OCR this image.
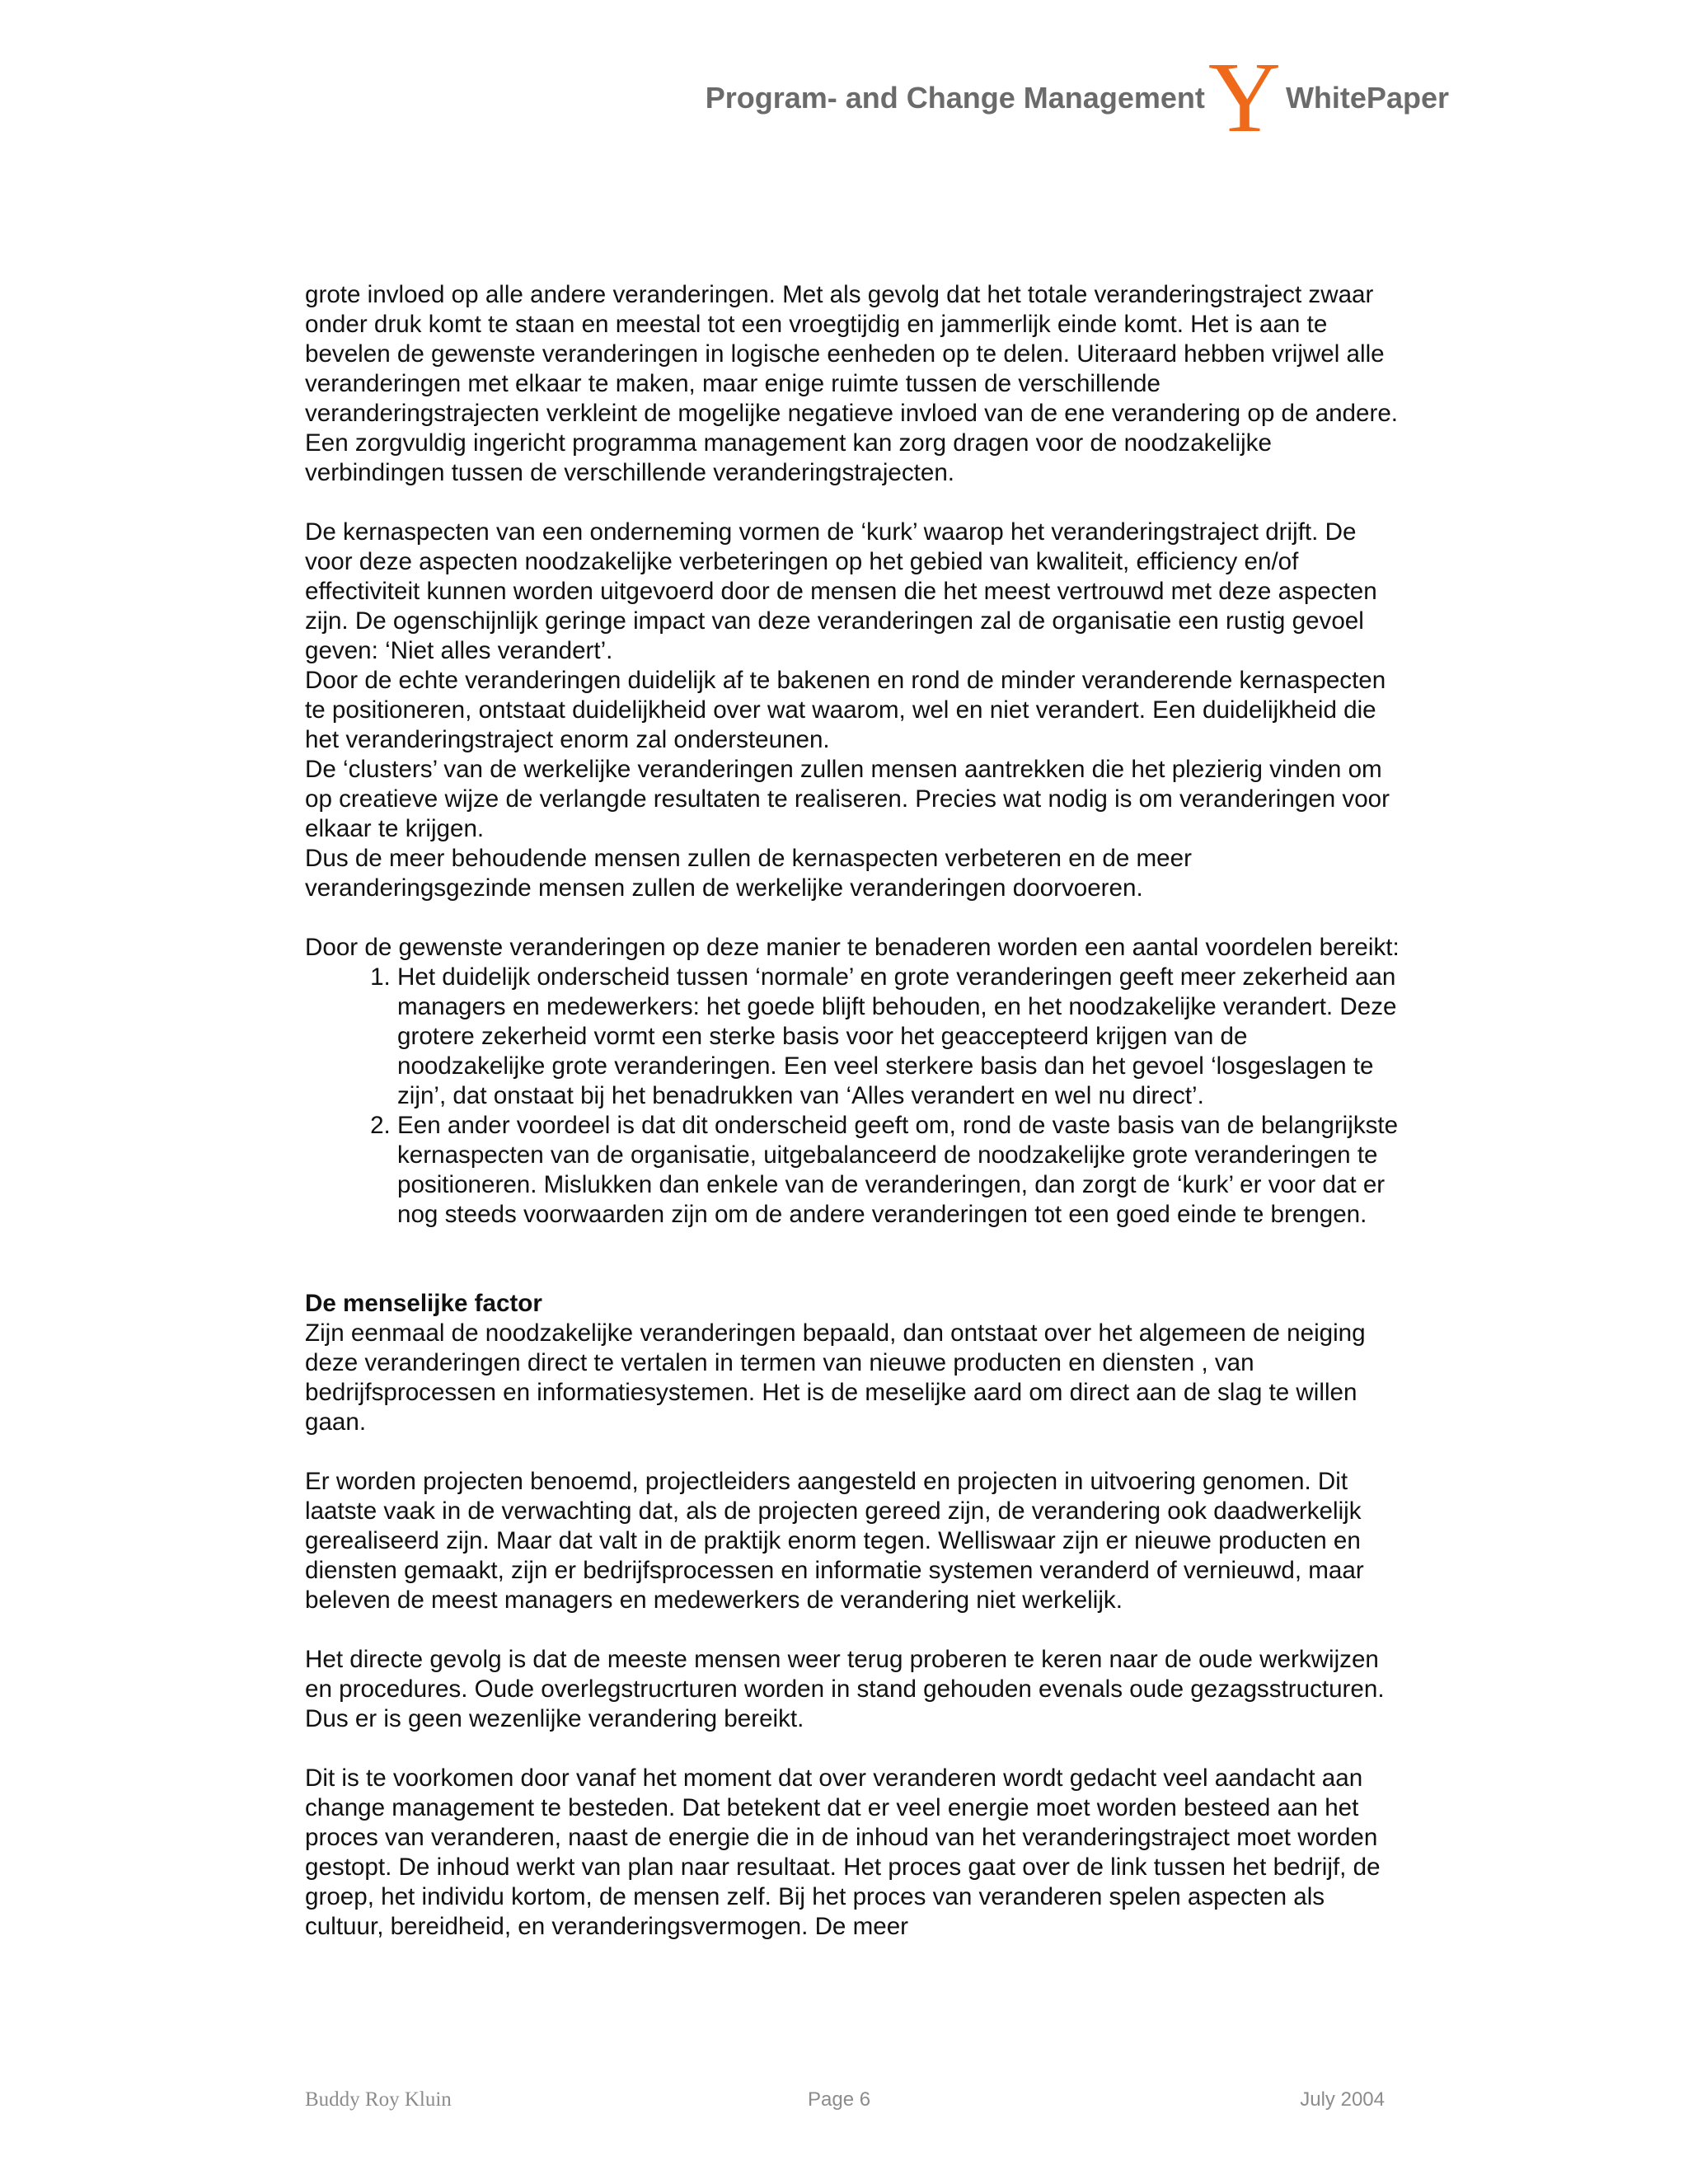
Program- and Change Management Y WhitePaper

grote invloed op alle andere veranderingen. Met als gevolg dat het totale veranderingstraject zwaar onder druk komt te staan en meestal tot een vroegtijdig en jammerlijk einde komt. Het is aan te bevelen de gewenste veranderingen in logische eenheden op te delen. Uiteraard hebben vrijwel alle veranderingen met elkaar te maken, maar enige ruimte tussen de verschillende veranderingstrajecten verkleint de mogelijke negatieve invloed van de ene verandering op de andere. Een zorgvuldig ingericht programma management kan zorg dragen voor de noodzakelijke verbindingen tussen de verschillende veranderingstrajecten.

De kernaspecten van een onderneming vormen de ‘kurk’ waarop het veranderingstraject drijft. De voor deze aspecten noodzakelijke verbeteringen op het gebied van kwaliteit, efficiency en/of effectiviteit kunnen worden uitgevoerd door de mensen die het meest vertrouwd met deze aspecten zijn. De ogenschijnlijk geringe impact van deze veranderingen zal de organisatie een rustig gevoel geven: ‘Niet alles verandert’.

Door de echte veranderingen duidelijk af te bakenen en rond de minder veranderende kernaspecten te positioneren, ontstaat duidelijkheid over wat waarom, wel en niet verandert. Een duidelijkheid die het veranderingstraject enorm zal ondersteunen.

De ‘clusters’ van de werkelijke veranderingen zullen mensen aantrekken die het plezierig vinden om op creatieve wijze de verlangde resultaten te realiseren. Precies wat nodig is om veranderingen voor elkaar te krijgen.

Dus de meer behoudende mensen zullen de kernaspecten verbeteren en de meer veranderingsgezinde mensen zullen de werkelijke veranderingen doorvoeren.

Door de gewenste veranderingen op deze manier te benaderen worden een aantal voordelen bereikt:

1. Het duidelijk onderscheid tussen ‘normale’ en grote veranderingen geeft meer zekerheid aan managers en medewerkers: het goede blijft behouden, en het noodzakelijke verandert. Deze grotere zekerheid vormt een sterke basis voor het geaccepteerd krijgen van de noodzakelijke grote veranderingen. Een veel sterkere basis dan het gevoel ‘losgeslagen te zijn’, dat onstaat bij het benadrukken van ‘Alles verandert en wel nu direct’.
2. Een ander voordeel is dat dit onderscheid geeft om, rond de vaste basis van de belangrijkste kernaspecten van de organisatie, uitgebalanceerd de noodzakelijke grote veranderingen te positioneren. Mislukken dan enkele van de veranderingen, dan zorgt de ‘kurk’ er voor dat er nog steeds voorwaarden zijn om de andere veranderingen tot een goed einde te brengen.
De menselijke factor

Zijn eenmaal de noodzakelijke veranderingen bepaald, dan ontstaat over het algemeen de neiging deze veranderingen direct te vertalen in termen van nieuwe producten en diensten , van bedrijfsprocessen en informatiesystemen. Het is de meselijke aard om direct aan de slag te willen gaan.

Er worden projecten benoemd, projectleiders aangesteld en projecten in uitvoering genomen. Dit laatste vaak in de verwachting dat, als de projecten gereed zijn, de verandering ook daadwerkelijk gerealiseerd zijn. Maar dat valt in de praktijk enorm tegen. Welliswaar zijn er nieuwe producten en diensten gemaakt, zijn er bedrijfsprocessen en informatie systemen veranderd of vernieuwd, maar beleven de meest managers en medewerkers de verandering niet werkelijk.

Het directe gevolg is dat de meeste mensen weer terug proberen te keren naar de oude werkwijzen en procedures. Oude overlegstrucrturen worden in stand gehouden evenals oude gezagsstructuren. Dus er is geen wezenlijke verandering bereikt.

Dit is te voorkomen door vanaf het moment dat over veranderen wordt gedacht veel aandacht aan change management te besteden. Dat betekent dat er veel energie moet worden besteed aan het proces van veranderen, naast de energie die in de inhoud van het veranderingstraject moet worden gestopt. De inhoud werkt van plan naar resultaat. Het proces gaat over de link tussen het bedrijf, de groep, het individu kortom, de mensen zelf. Bij het proces van veranderen spelen aspecten als cultuur, bereidheid, en veranderingsvermogen. De meer

Buddy Roy Kluin	Page 6	July 2004
